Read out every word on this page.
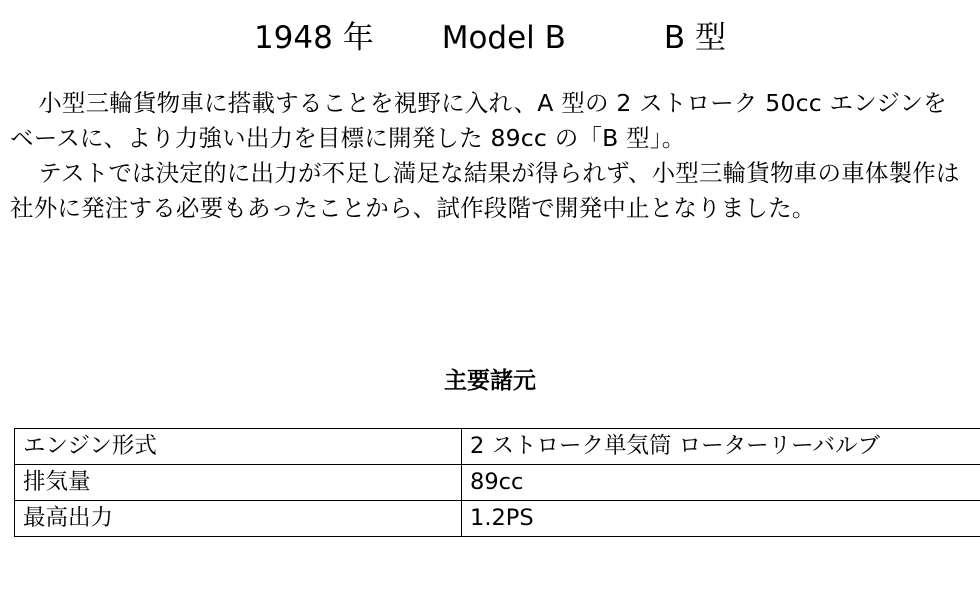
1948 年 Model B	B 型

小型三輪貨物車に搭載することを視野に入れ、A 型の 2 ストローク 50cc エンジンをベースに、より力強い出力を目標に開発した 89cc の「B 型」。

テストでは決定的に出力が不足し満足な結果が得られず、小型三輪貨物車の車体製作は社外に発注する必要もあったことから、試作段階で開発中止となりました。

主要諸元
エンジン形式	2 ストローク単気筒 ローターリーバルブ
排気量	89cc
最高出力	1.2PS
